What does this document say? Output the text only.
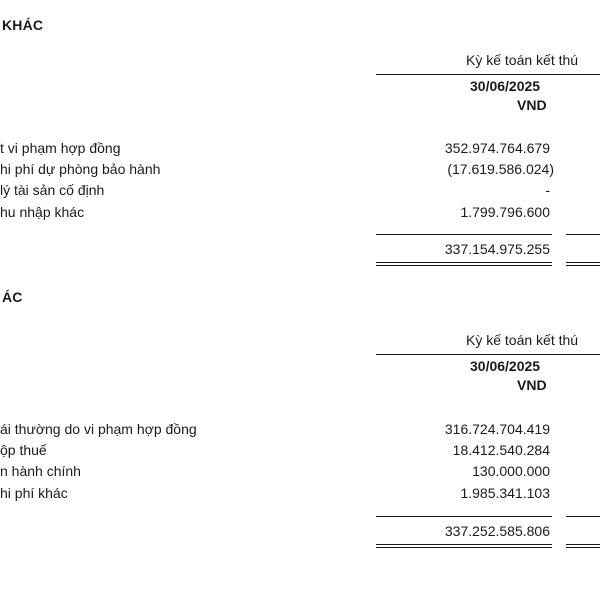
KHÁC
Kỳ kế toán kết thú
30/06/2025
VND
t vi phạm hợp đồng	352.974.764.679
hi phí dự phòng bảo hành	(17.619.586.024)
lý tài sản cố định	-
hu nhập khác	1.799.796.600
337.154.975.255
ÁC
Kỳ kế toán kết thú
30/06/2025
VND
ái thường do vi phạm hợp đồng	316.724.704.419
ộp thuế	18.412.540.284
n hành chính	130.000.000
hi phí khác	1.985.341.103
337.252.585.806
